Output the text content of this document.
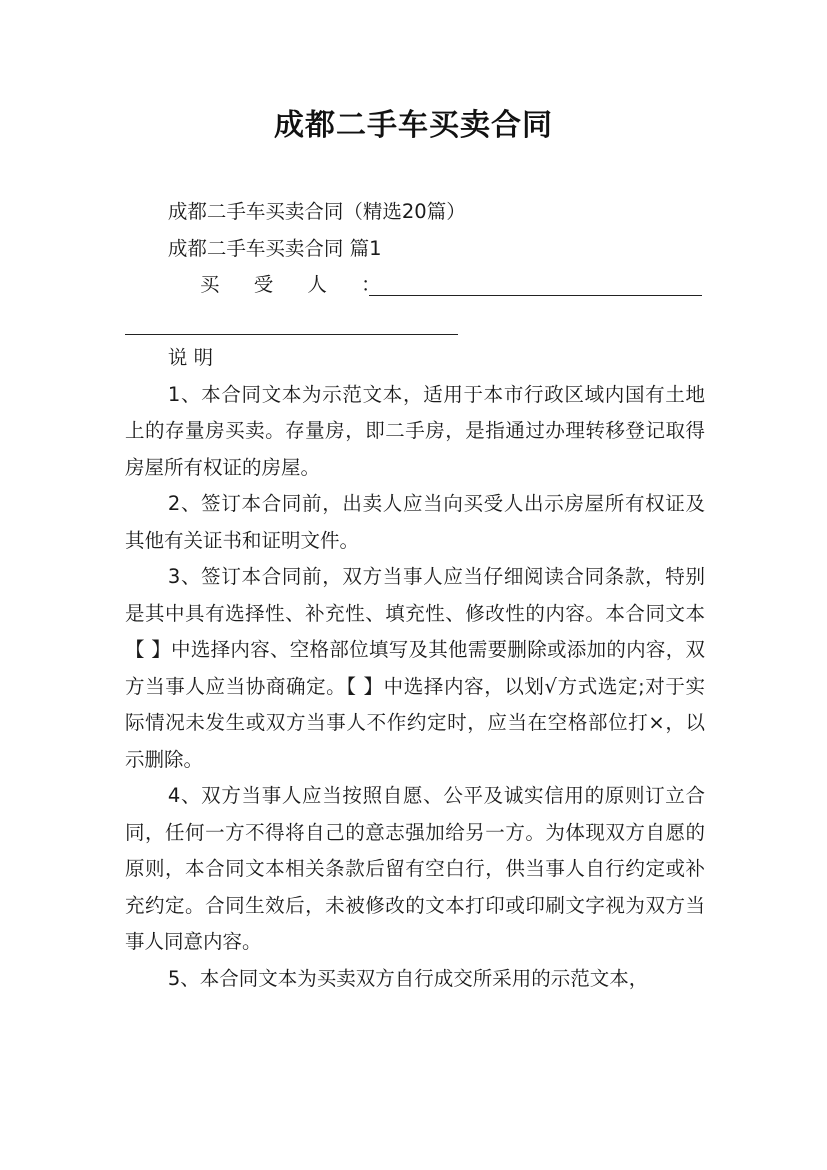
成都二手车买卖合同

成都二手车买卖合同（精选20篇）

成都二手车买卖合同 篇1

买 受 人 ：

说 明

1、本合同文本为示范文本，适用于本市行政区域内国有土地上的存量房买卖。存量房，即二手房，是指通过办理转移登记取得房屋所有权证的房屋。

2、签订本合同前，出卖人应当向买受人出示房屋所有权证及其他有关证书和证明文件。

3、签订本合同前，双方当事人应当仔细阅读合同条款，特别是其中具有选择性、补充性、填充性、修改性的内容。本合同文本【 】中选择内容、空格部位填写及其他需要删除或添加的内容，双方当事人应当协商确定。【 】中选择内容，以划√方式选定;对于实际情况未发生或双方当事人不作约定时，应当在空格部位打×，以示删除。

4、双方当事人应当按照自愿、公平及诚实信用的原则订立合同，任何一方不得将自己的意志强加给另一方。为体现双方自愿的原则，本合同文本相关条款后留有空白行，供当事人自行约定或补充约定。合同生效后，未被修改的文本打印或印刷文字视为双方当事人同意内容。

5、本合同文本为买卖双方自行成交所采用的示范文本，
